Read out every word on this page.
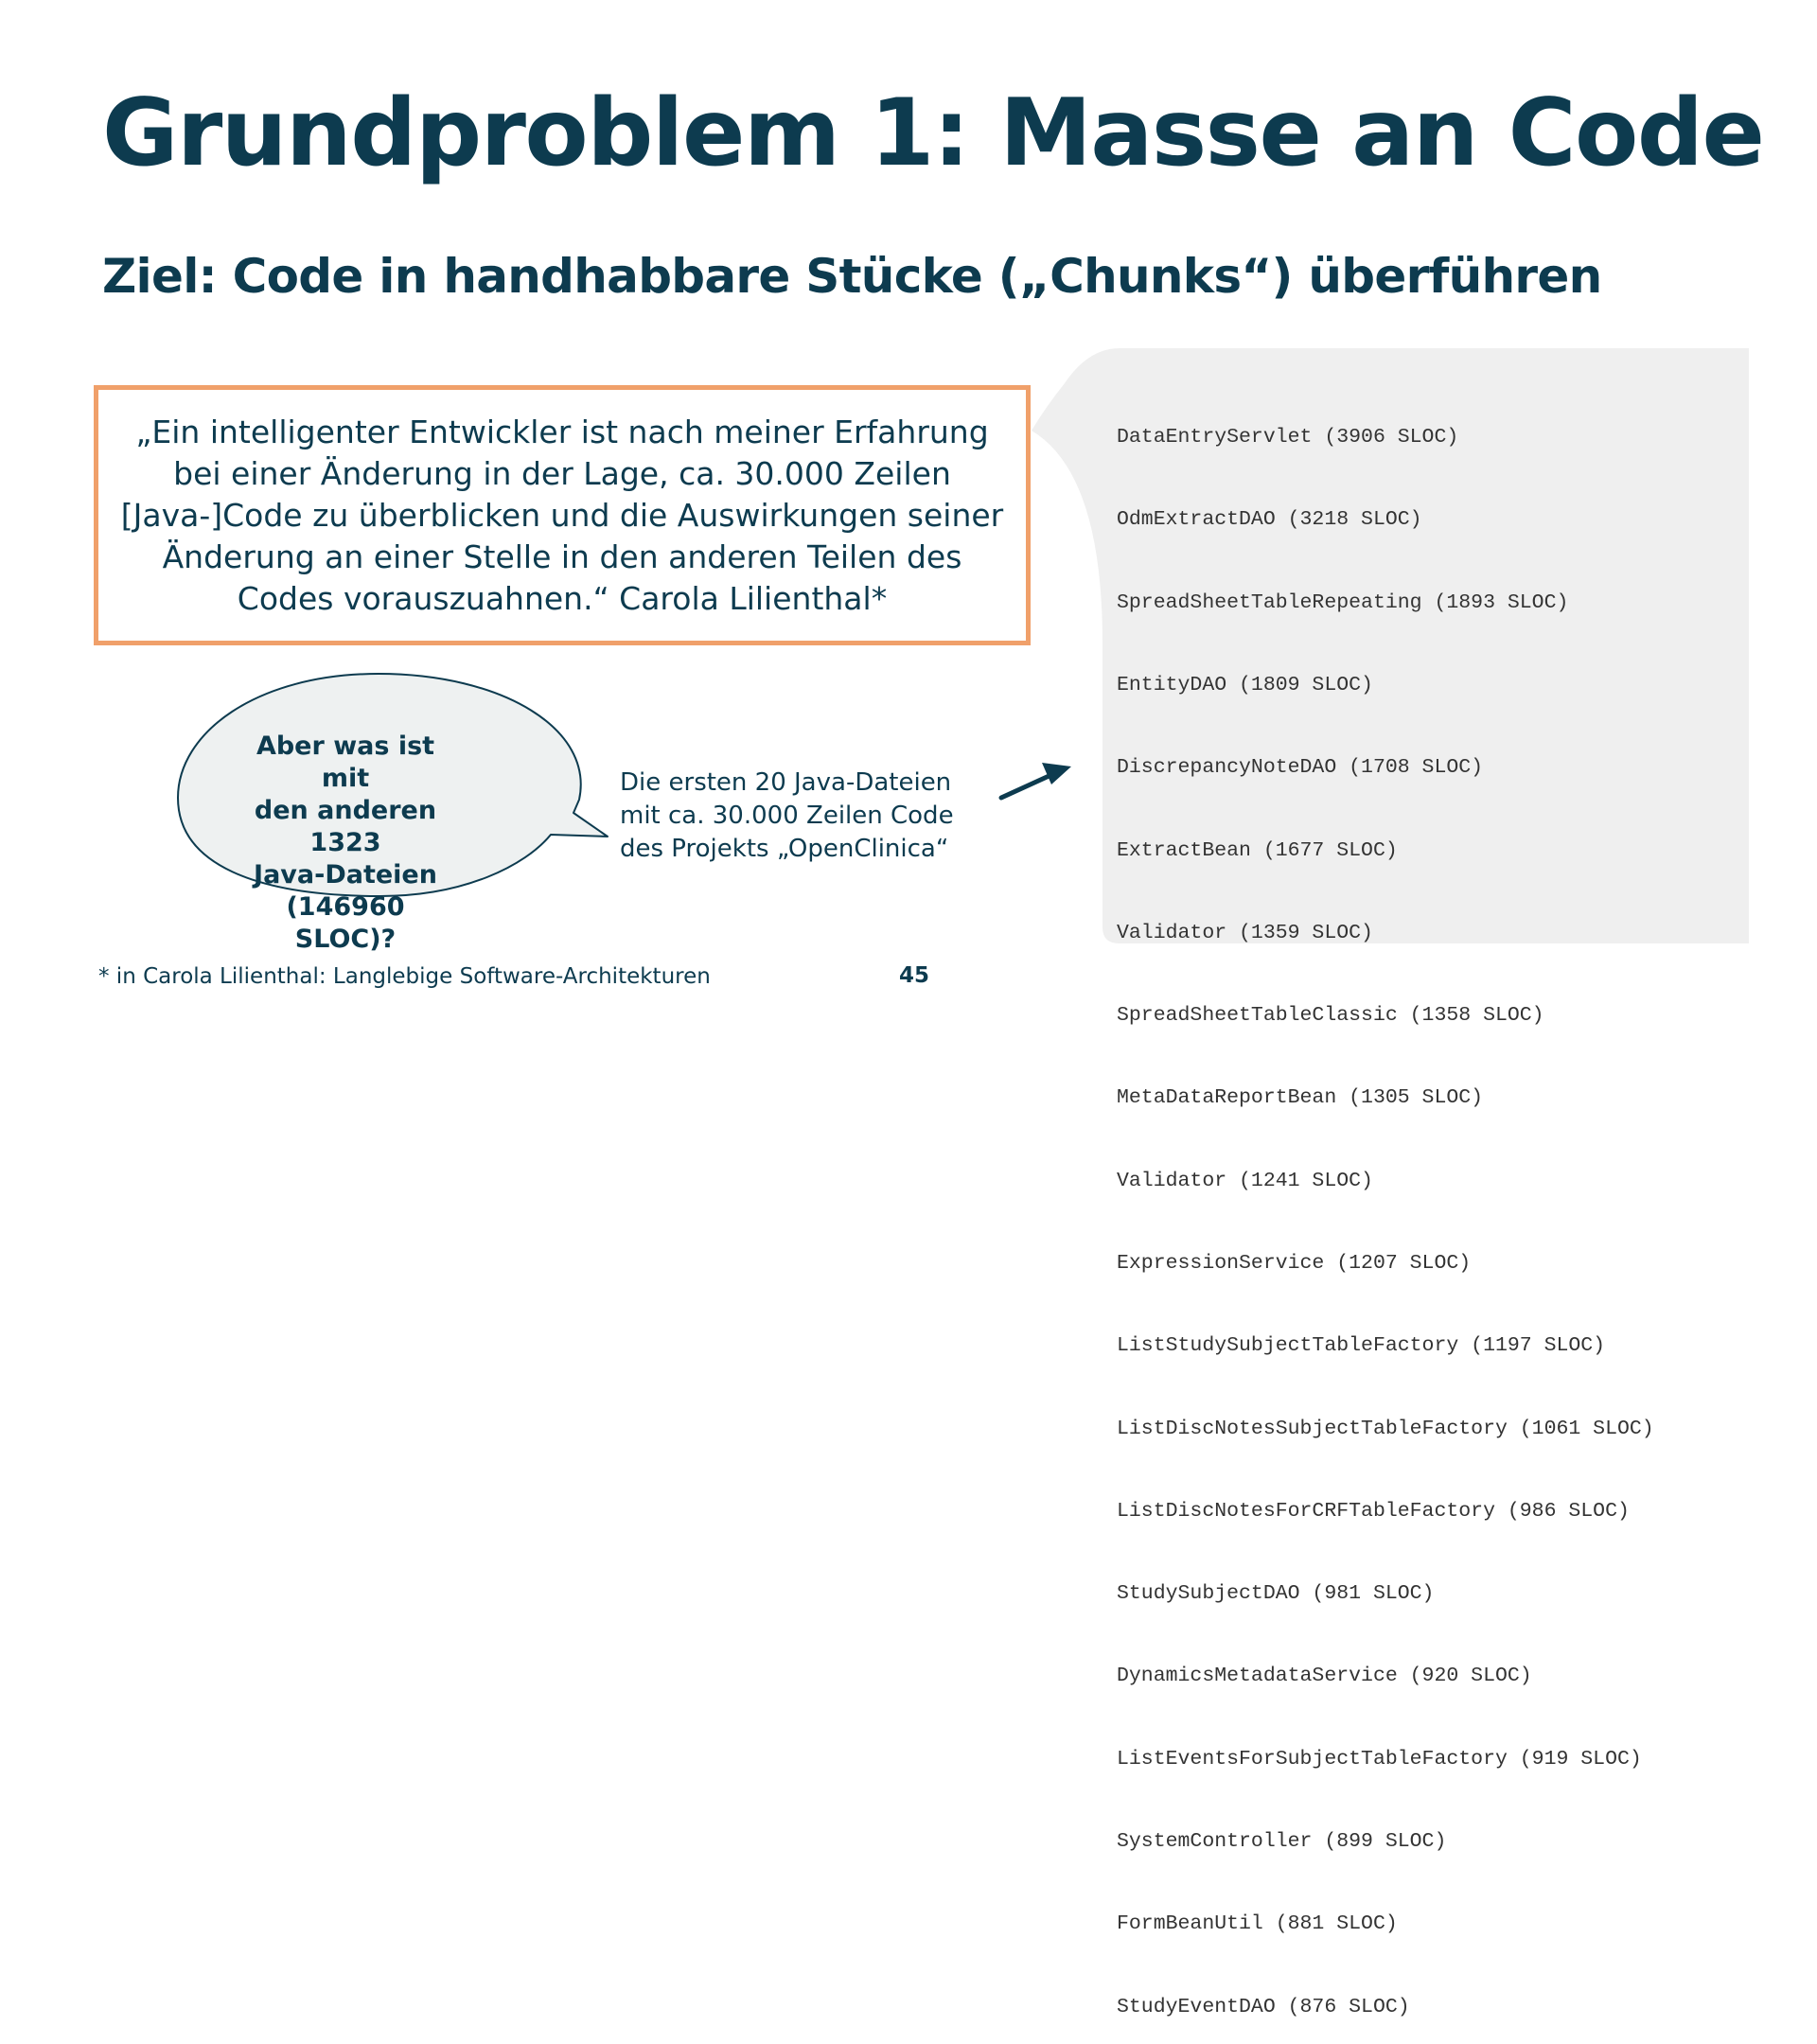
Grundproblem 1: Masse an Code
Ziel: Code in handhabbare Stücke („Chunks“) überführen

„Ein intelligenter Entwickler ist nach meiner Erfahrung bei einer Änderung in der Lage, ca. 30.000 Zeilen [Java-]Code zu überblicken und die Auswirkungen seiner Änderung an einer Stelle in den anderen Teilen des Codes vorauszuahnen.“ Carola Lilienthal*

Aber was ist mit
den anderen 1323
Java-Dateien
(146960 SLOC)?
Die ersten 20 Java-Dateien
mit ca. 30.000 Zeilen Code
des Projekts „OpenClinica“

DataEntryServlet (3906 SLOC)

OdmExtractDAO (3218 SLOC)

SpreadSheetTableRepeating (1893 SLOC)

EntityDAO (1809 SLOC)

DiscrepancyNoteDAO (1708 SLOC)

ExtractBean (1677 SLOC)

Validator (1359 SLOC)

SpreadSheetTableClassic (1358 SLOC)

MetaDataReportBean (1305 SLOC)

Validator (1241 SLOC)

ExpressionService (1207 SLOC)

ListStudySubjectTableFactory (1197 SLOC)

ListDiscNotesSubjectTableFactory (1061 SLOC)

ListDiscNotesForCRFTableFactory (986 SLOC)

StudySubjectDAO (981 SLOC)

DynamicsMetadataService (920 SLOC)

ListEventsForSubjectTableFactory (919 SLOC)

SystemController (899 SLOC)

FormBeanUtil (881 SLOC)

StudyEventDAO (876 SLOC)

* in Carola Lilienthal: Langlebige Software-Architekturen	45
